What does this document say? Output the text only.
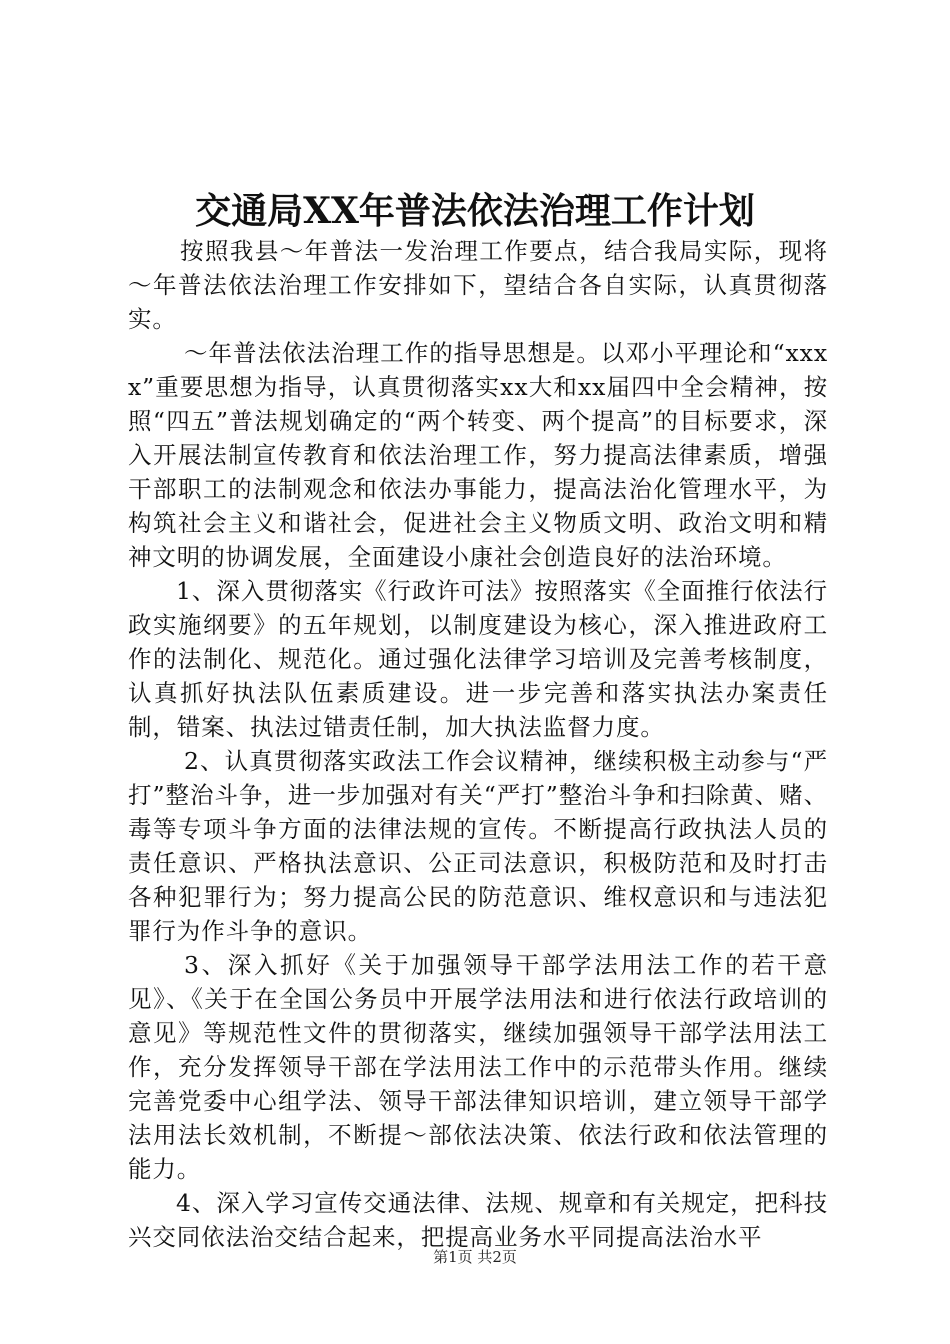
交通局XX年普法依法治理工作计划

按照我县～年普法一发治理工作要点，结合我局实际，现将～年普法依法治理工作安排如下，望结合各自实际，认真贯彻落实。

～年普法依法治理工作的指导思想是。以邓小平理论和“xxxx”重要思想为指导，认真贯彻落实xx大和xx届四中全会精神，按照“四五”普法规划确定的“两个转变、两个提高”的目标要求，深入开展法制宣传教育和依法治理工作，努力提高法律素质，增强干部职工的法制观念和依法办事能力，提高法治化管理水平，为构筑社会主义和谐社会，促进社会主义物质文明、政治文明和精神文明的协调发展，全面建设小康社会创造良好的法治环境。

1、深入贯彻落实《行政许可法》按照落实《全面推行依法行政实施纲要》的五年规划，以制度建设为核心，深入推进政府工作的法制化、规范化。通过强化法律学习培训及完善考核制度，认真抓好执法队伍素质建设。进一步完善和落实执法办案责任制，错案、执法过错责任制，加大执法监督力度。

2、认真贯彻落实政法工作会议精神，继续积极主动参与“严打”整治斗争，进一步加强对有关“严打”整治斗争和扫除黄、赌、毒等专项斗争方面的法律法规的宣传。不断提高行政执法人员的责任意识、严格执法意识、公正司法意识，积极防范和及时打击各种犯罪行为；努力提高公民的防范意识、维权意识和与违法犯罪行为作斗争的意识。

3、深入抓好《关于加强领导干部学法用法工作的若干意见》、《关于在全国公务员中开展学法用法和进行依法行政培训的意见》等规范性文件的贯彻落实，继续加强领导干部学法用法工作，充分发挥领导干部在学法用法工作中的示范带头作用。继续完善党委中心组学法、领导干部法律知识培训，建立领导干部学法用法长效机制，不断提～部依法决策、依法行政和依法管理的能力。

4、深入学习宣传交通法律、法规、规章和有关规定，把科技兴交同依法治交结合起来，把提高业务水平同提高法治水平

第1页 共2页
